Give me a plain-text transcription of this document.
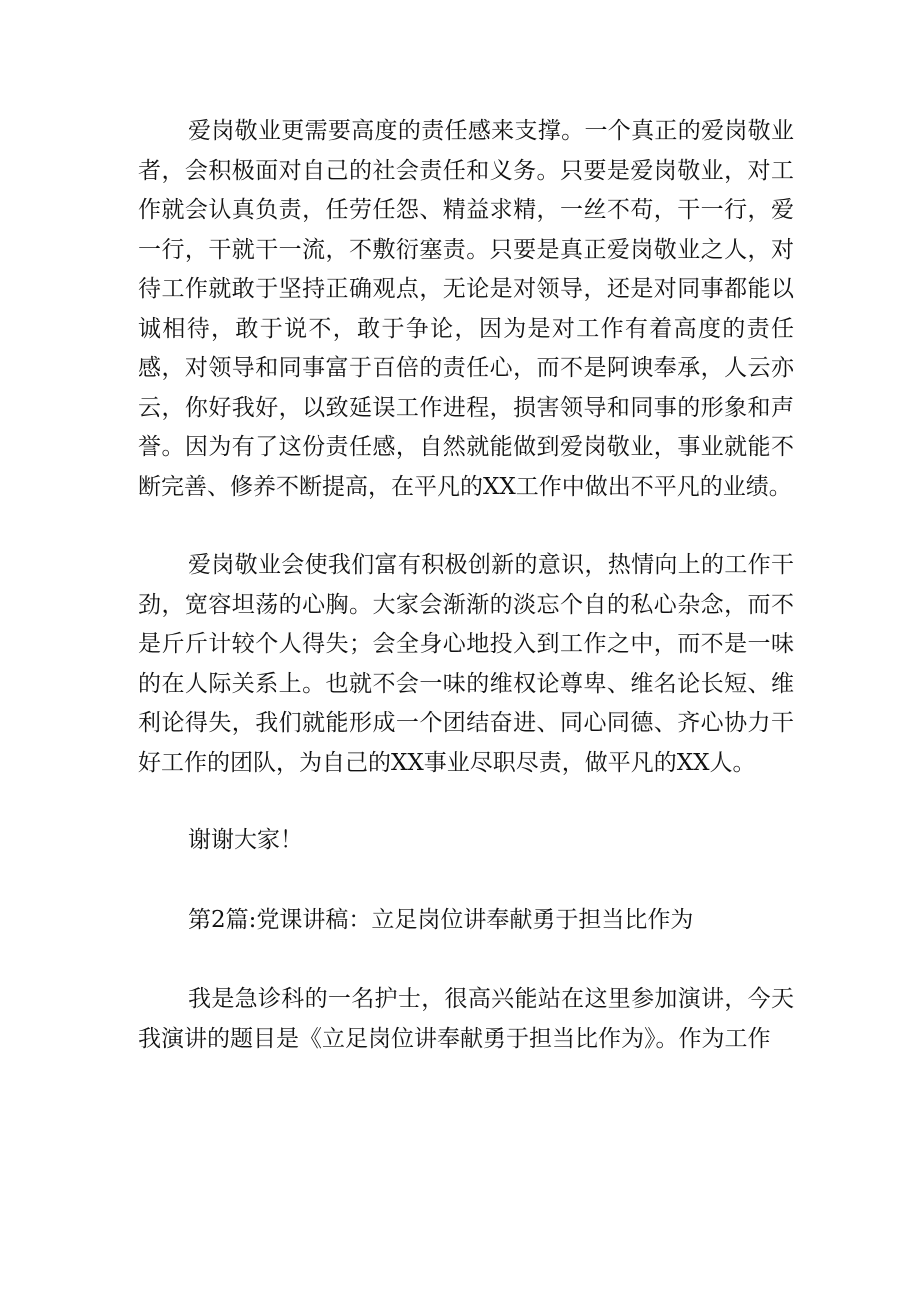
爱岗敬业更需要高度的责任感来支撑。一个真正的爱岗敬业者，会积极面对自己的社会责任和义务。只要是爱岗敬业，对工作就会认真负责，任劳任怨、精益求精，一丝不苟，干一行，爱一行，干就干一流，不敷衍塞责。只要是真正爱岗敬业之人，对待工作就敢于坚持正确观点，无论是对领导，还是对同事都能以诚相待，敢于说不，敢于争论，因为是对工作有着高度的责任感，对领导和同事富于百倍的责任心，而不是阿谀奉承，人云亦云，你好我好，以致延误工作进程，损害领导和同事的形象和声誉。因为有了这份责任感，自然就能做到爱岗敬业，事业就能不断完善、修养不断提高，在平凡的XX工作中做出不平凡的业绩。

爱岗敬业会使我们富有积极创新的意识，热情向上的工作干劲，宽容坦荡的心胸。大家会渐渐的淡忘个自的私心杂念，而不是斤斤计较个人得失；会全身心地投入到工作之中，而不是一味的在人际关系上。也就不会一味的维权论尊卑、维名论长短、维利论得失，我们就能形成一个团结奋进、同心同德、齐心协力干好工作的团队，为自己的XX事业尽职尽责，做平凡的XX人。

谢谢大家！

第2篇:党课讲稿：立足岗位讲奉献勇于担当比作为

我是急诊科的一名护士，很高兴能站在这里参加演讲，今天我演讲的题目是《立足岗位讲奉献勇于担当比作为》。作为工作
